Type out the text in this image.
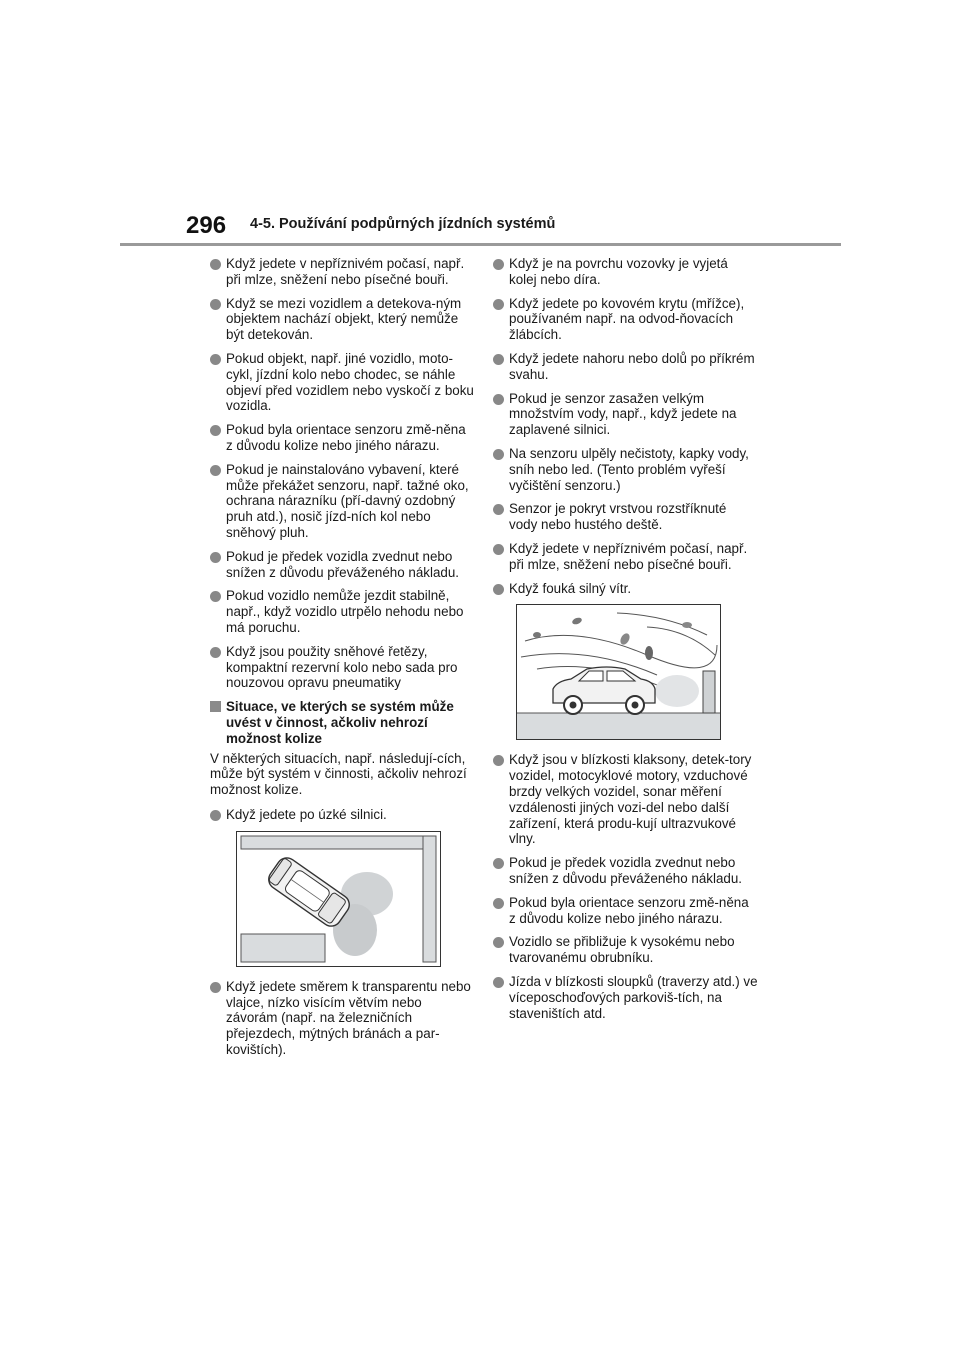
296 4-5. Používání podpůrných jízdních systémů
Když jedete v nepříznivém počasí, např. při mlze, sněžení nebo písečné bouři.
Když se mezi vozidlem a detekova-ným objektem nachází objekt, který nemůže být detekován.
Pokud objekt, např. jiné vozidlo, moto-cykl, jízdní kolo nebo chodec, se náhle objeví před vozidlem nebo vyskočí z boku vozidla.
Pokud byla orientace senzoru změ-něna z důvodu kolize nebo jiného nárazu.
Pokud je nainstalováno vybavení, které může překážet senzoru, např. tažné oko, ochrana nárazníku (pří-davný ozdobný pruh atd.), nosič jízd-ních kol nebo sněhový pluh.
Pokud je předek vozidla zvednut nebo snížen z důvodu převáženého nákladu.
Pokud vozidlo nemůže jezdit stabilně, např., když vozidlo utrpělo nehodu nebo má poruchu.
Když jsou použity sněhové řetězy, kompaktní rezervní kolo nebo sada pro nouzovou opravu pneumatiky
Situace, ve kterých se systém může uvést v činnost, ačkoliv nehrozí možnost kolize

V některých situacích, např. následují-cích, může být systém v činnosti, ačkoliv nehrozí možnost kolize.

Když jedete po úzké silnici.
Když jedete směrem k transparentu nebo vlajce, nízko visícím větvím nebo závorám (např. na železničních přejezdech, mýtných bránách a par-kovištích).
Když je na povrchu vozovky je vyjetá kolej nebo díra.
Když jedete po kovovém krytu (mřížce), používaném např. na odvod-ňovacích žlábcích.
Když jedete nahoru nebo dolů po příkrém svahu.
Pokud je senzor zasažen velkým množstvím vody, např., když jedete na zaplavené silnici.
Na senzoru ulpěly nečistoty, kapky vody, sníh nebo led. (Tento problém vyřeší vyčištění senzoru.)
Senzor je pokryt vrstvou rozstříknuté vody nebo hustého deště.
Když jedete v nepříznivém počasí, např. při mlze, sněžení nebo písečné bouři.
Když fouká silný vítr.
Když jsou v blízkosti klaksony, detek-tory vozidel, motocyklové motory, vzduchové brzdy velkých vozidel, sonar měření vzdálenosti jiných vozi-del nebo další zařízení, která produ-kují ultrazvukové vlny.
Pokud je předek vozidla zvednut nebo snížen z důvodu převáženého nákladu.
Pokud byla orientace senzoru změ-něna z důvodu kolize nebo jiného nárazu.
Vozidlo se přibližuje k vysokému nebo tvarovanému obrubníku.
Jízda v blízkosti sloupků (traverzy atd.) ve víceposchoďových parkoviš-tích, na staveništích atd.
